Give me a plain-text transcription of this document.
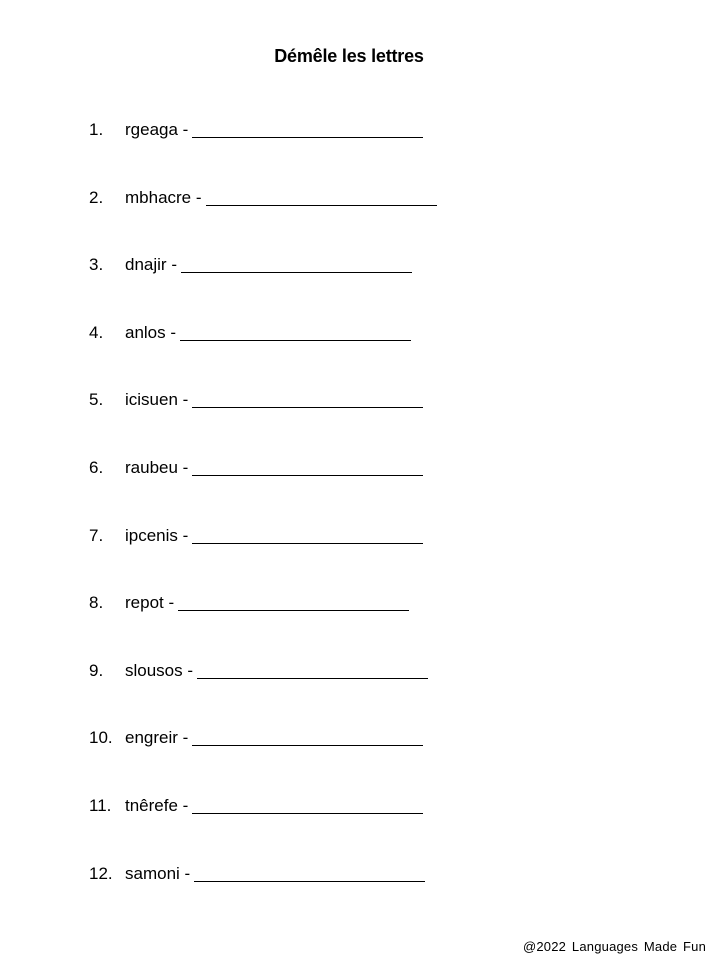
Démêle les lettres
1.	rgeaga -
2.	mbhacre -
3.	dnajir -
4.	anlos -
5.	icisuen -
6.	raubeu -
7.	ipcenis -
8.	repot -
9.	slousos -
10. engreir -
11. tnêrefe -
12. samoni -
@2022 Languages Made Fun
